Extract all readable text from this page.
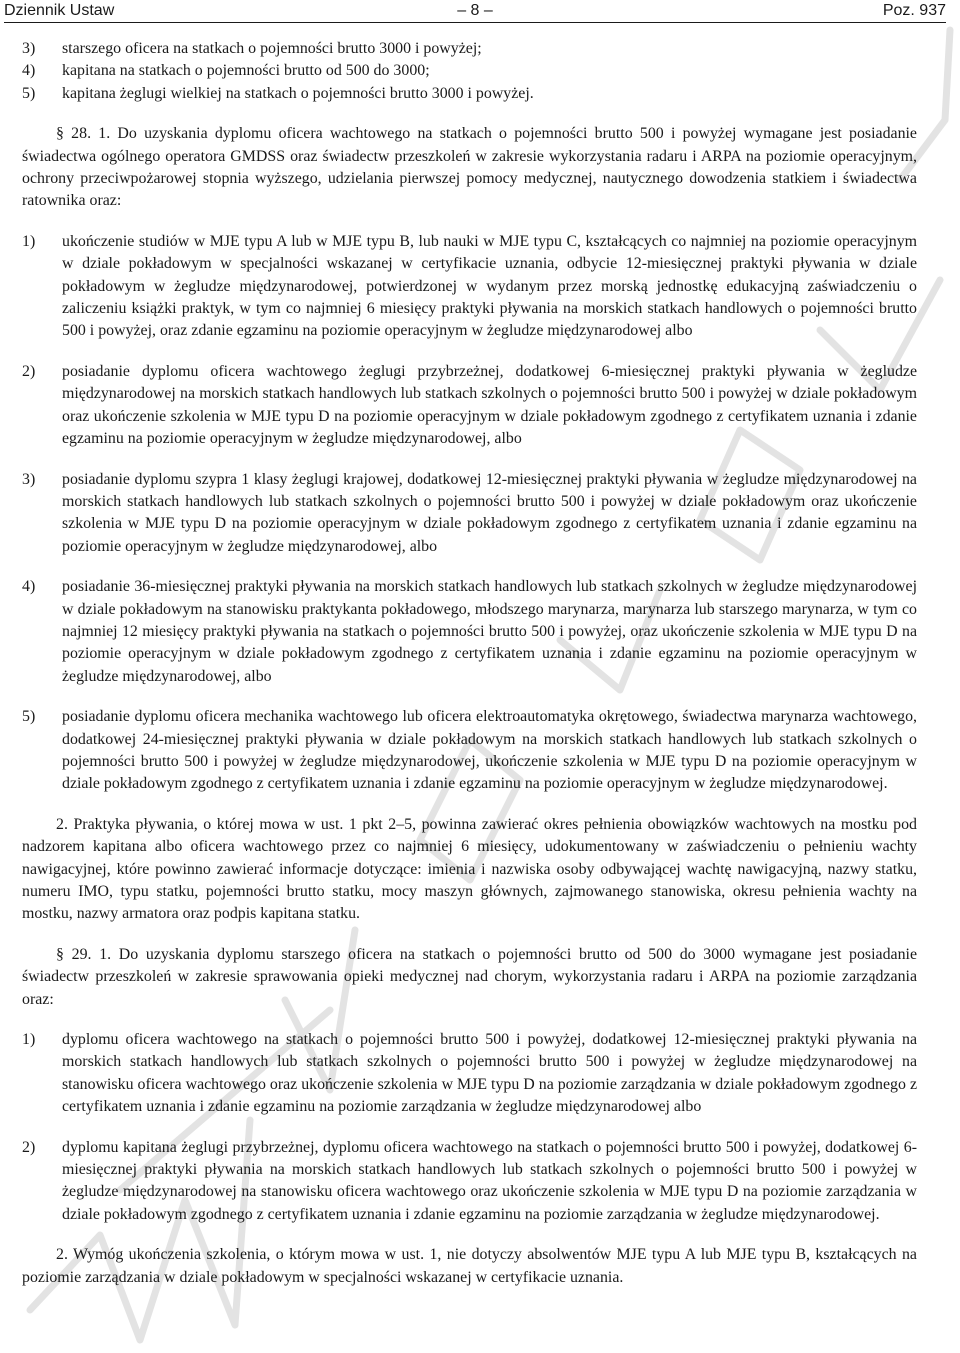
Dziennik Ustaw	– 8 –	Poz. 937
3)	starszego oficera na statkach o pojemności brutto 3000 i powyżej;
4)	kapitana na statkach o pojemności brutto od 500 do 3000;
5)	kapitana żeglugi wielkiej na statkach o pojemności brutto 3000 i powyżej.

§ 28. 1. Do uzyskania dyplomu oficera wachtowego na statkach o pojemności brutto 500 i powyżej wymagane jest posiadanie świadectwa ogólnego operatora GMDSS oraz świadectw przeszkoleń w zakresie wykorzystania radaru i ARPA na poziomie operacyjnym, ochrony przeciwpożarowej stopnia wyższego, udzielania pierwszej pomocy medycznej, nautycznego dowodzenia statkiem i świadectwa ratownika oraz:

1)	ukończenie studiów w MJE typu A lub w MJE typu B, lub nauki w MJE typu C, kształcących co najmniej na poziomie operacyjnym w dziale pokładowym w specjalności wskazanej w certyfikacie uznania, odbycie 12-miesięcznej praktyki pływania w dziale pokładowym w żegludze międzynarodowej, potwierdzonej w wydanym przez morską jednostkę edukacyjną zaświadczeniu o zaliczeniu książki praktyk, w tym co najmniej 6 miesięcy praktyki pływania na morskich statkach handlowych o pojemności brutto 500 i powyżej, oraz zdanie egzaminu na poziomie operacyjnym w żegludze międzynarodowej albo
2)	posiadanie dyplomu oficera wachtowego żeglugi przybrzeżnej, dodatkowej 6-miesięcznej praktyki pływania w żegludze międzynarodowej na morskich statkach handlowych lub statkach szkolnych o pojemności brutto 500 i powyżej w dziale pokładowym oraz ukończenie szkolenia w MJE typu D na poziomie operacyjnym w dziale pokładowym zgodnego z certyfikatem uznania i zdanie egzaminu na poziomie operacyjnym w żegludze międzynarodowej, albo
3)	posiadanie dyplomu szypra 1 klasy żeglugi krajowej, dodatkowej 12-miesięcznej praktyki pływania w żegludze międzynarodowej na morskich statkach handlowych lub statkach szkolnych o pojemności brutto 500 i powyżej w dziale pokładowym oraz ukończenie szkolenia w MJE typu D na poziomie operacyjnym w dziale pokładowym zgodnego z certyfikatem uznania i zdanie egzaminu na poziomie operacyjnym w żegludze międzynarodowej, albo
4)	posiadanie 36-miesięcznej praktyki pływania na morskich statkach handlowych lub statkach szkolnych w żegludze międzynarodowej w dziale pokładowym na stanowisku praktykanta pokładowego, młodszego marynarza, marynarza lub starszego marynarza, w tym co najmniej 12 miesięcy praktyki pływania na statkach o pojemności brutto 500 i powyżej, oraz ukończenie szkolenia w MJE typu D na poziomie operacyjnym w dziale pokładowym zgodnego z certyfikatem uznania i zdanie egzaminu na poziomie operacyjnym w żegludze międzynarodowej, albo
5)	posiadanie dyplomu oficera mechanika wachtowego lub oficera elektroautomatyka okrętowego, świadectwa marynarza wachtowego, dodatkowej 24-miesięcznej praktyki pływania w dziale pokładowym na morskich statkach handlowych lub statkach szkolnych o pojemności brutto 500 i powyżej w żegludze międzynarodowej, ukończenie szkolenia w MJE typu D na poziomie operacyjnym w dziale pokładowym zgodnego z certyfikatem uznania i zdanie egzaminu na poziomie operacyjnym w żegludze międzynarodowej.

2. Praktyka pływania, o której mowa w ust. 1 pkt 2–5, powinna zawierać okres pełnienia obowiązków wachtowych na mostku pod nadzorem kapitana albo oficera wachtowego przez co najmniej 6 miesięcy, udokumentowany w zaświadczeniu o pełnieniu wachty nawigacyjnej, które powinno zawierać informacje dotyczące: imienia i nazwiska osoby odbywającej wachtę nawigacyjną, nazwy statku, numeru IMO, typu statku, pojemności brutto statku, mocy maszyn głównych, zajmowanego stanowiska, okresu pełnienia wachty na mostku, nazwy armatora oraz podpis kapitana statku.

§ 29. 1. Do uzyskania dyplomu starszego oficera na statkach o pojemności brutto od 500 do 3000 wymagane jest posiadanie świadectw przeszkoleń w zakresie sprawowania opieki medycznej nad chorym, wykorzystania radaru i ARPA na poziomie zarządzania oraz:

1)	dyplomu oficera wachtowego na statkach o pojemności brutto 500 i powyżej, dodatkowej 12-miesięcznej praktyki pływania na morskich statkach handlowych lub statkach szkolnych o pojemności brutto 500 i powyżej w żegludze międzynarodowej na stanowisku oficera wachtowego oraz ukończenie szkolenia w MJE typu D na poziomie zarządzania w dziale pokładowym zgodnego z certyfikatem uznania i zdanie egzaminu na poziomie zarządzania w żegludze międzynarodowej albo
2)	dyplomu kapitana żeglugi przybrzeżnej, dyplomu oficera wachtowego na statkach o pojemności brutto 500 i powyżej, dodatkowej 6-miesięcznej praktyki pływania na morskich statkach handlowych lub statkach szkolnych o pojemności brutto 500 i powyżej w żegludze międzynarodowej na stanowisku oficera wachtowego oraz ukończenie szkolenia w MJE typu D na poziomie zarządzania w dziale pokładowym zgodnego z certyfikatem uznania i zdanie egzaminu na poziomie zarządzania w żegludze międzynarodowej.

2. Wymóg ukończenia szkolenia, o którym mowa w ust. 1, nie dotyczy absolwentów MJE typu A lub MJE typu B, kształcących na poziomie zarządzania w dziale pokładowym w specjalności wskazanej w certyfikacie uznania.
